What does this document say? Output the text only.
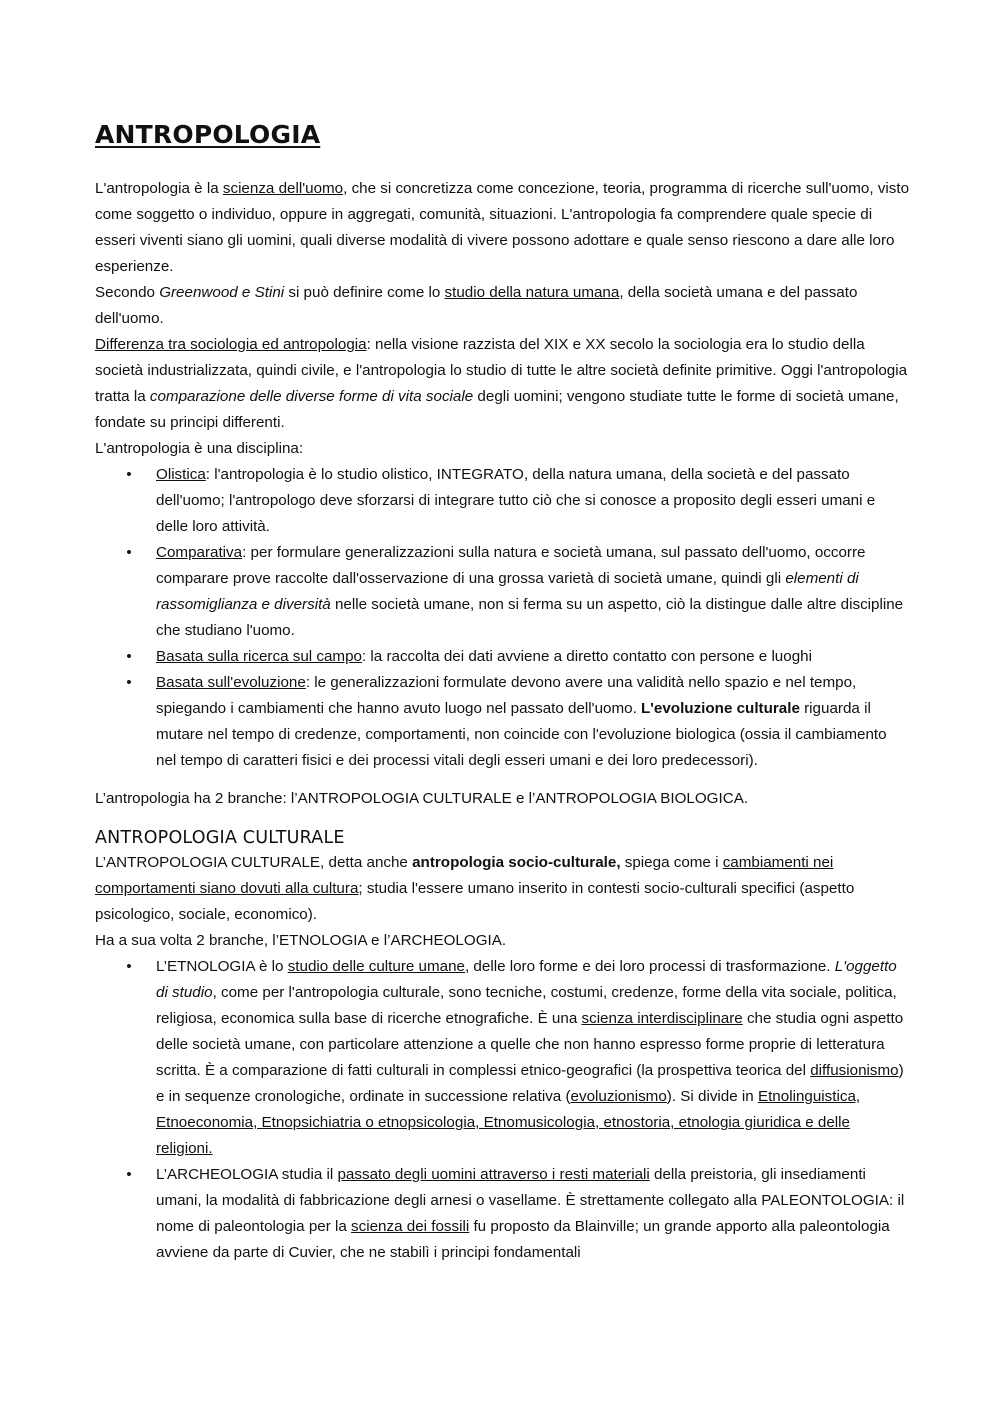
ANTROPOLOGIA

L'antropologia è la scienza dell'uomo, che si concretizza come concezione, teoria, programma di ricerche sull'uomo, visto come soggetto o individuo, oppure in aggregati, comunità, situazioni. L'antropologia fa comprendere quale specie di esseri viventi siano gli uomini, quali diverse modalità di vivere possono adottare e quale senso riescono a dare alle loro esperienze.

Secondo Greenwood e Stini si può definire come lo studio della natura umana, della società umana e del passato dell'uomo.

Differenza tra sociologia ed antropologia: nella visione razzista del XIX e XX secolo la sociologia era lo studio della società industrializzata, quindi civile, e l'antropologia lo studio di tutte le altre società definite primitive. Oggi l'antropologia tratta la comparazione delle diverse forme di vita sociale degli uomini; vengono studiate tutte le forme di società umane, fondate su principi differenti.

L'antropologia è una disciplina:

• Olistica: l'antropologia è lo studio olistico, INTEGRATO, della natura umana, della società e del passato dell'uomo; l'antropologo deve sforzarsi di integrare tutto ciò che si conosce a proposito degli esseri umani e delle loro attività.
• Comparativa: per formulare generalizzazioni sulla natura e società umana, sul passato dell'uomo, occorre comparare prove raccolte dall'osservazione di una grossa varietà di società umane, quindi gli elementi di rassomiglianza e diversità nelle società umane, non si ferma su un aspetto, ciò la distingue dalle altre discipline che studiano l'uomo.
• Basata sulla ricerca sul campo: la raccolta dei dati avviene a diretto contatto con persone e luoghi
• Basata sull'evoluzione: le generalizzazioni formulate devono avere una validità nello spazio e nel tempo, spiegando i cambiamenti che hanno avuto luogo nel passato dell'uomo. L'evoluzione culturale riguarda il mutare nel tempo di credenze, comportamenti, non coincide con l'evoluzione biologica (ossia il cambiamento nel tempo di caratteri fisici e dei processi vitali degli esseri umani e dei loro predecessori).

L’antropologia ha 2 branche: l’ANTROPOLOGIA CULTURALE e l’ANTROPOLOGIA BIOLOGICA.

ANTROPOLOGIA CULTURALE

L’ANTROPOLOGIA CULTURALE, detta anche antropologia socio-culturale, spiega come i cambiamenti nei comportamenti siano dovuti alla cultura; studia l'essere umano inserito in contesti socio-culturali specifici (aspetto psicologico, sociale, economico).

Ha a sua volta 2 branche, l’ETNOLOGIA e l’ARCHEOLOGIA.

• L’ETNOLOGIA è lo studio delle culture umane, delle loro forme e dei loro processi di trasformazione. L'oggetto di studio, come per l'antropologia culturale, sono tecniche, costumi, credenze, forme della vita sociale, politica, religiosa, economica sulla base di ricerche etnografiche. È una scienza interdisciplinare che studia ogni aspetto delle società umane, con particolare attenzione a quelle che non hanno espresso forme proprie di letteratura scritta. È a comparazione di fatti culturali in complessi etnico-geografici (la prospettiva teorica del diffusionismo) e in sequenze cronologiche, ordinate in successione relativa (evoluzionismo). Si divide in Etnolinguistica, Etnoeconomia, Etnopsichiatria o etnopsicologia, Etnomusicologia, etnostoria, etnologia giuridica e delle religioni.
• L’ARCHEOLOGIA studia il passato degli uomini attraverso i resti materiali della preistoria, gli insediamenti umani, la modalità di fabbricazione degli arnesi o vasellame. È strettamente collegato alla PALEONTOLOGIA: il nome di paleontologia per la scienza dei fossili fu proposto da Blainville; un grande apporto alla paleontologia avviene da parte di Cuvier, che ne stabilì i principi fondamentali
